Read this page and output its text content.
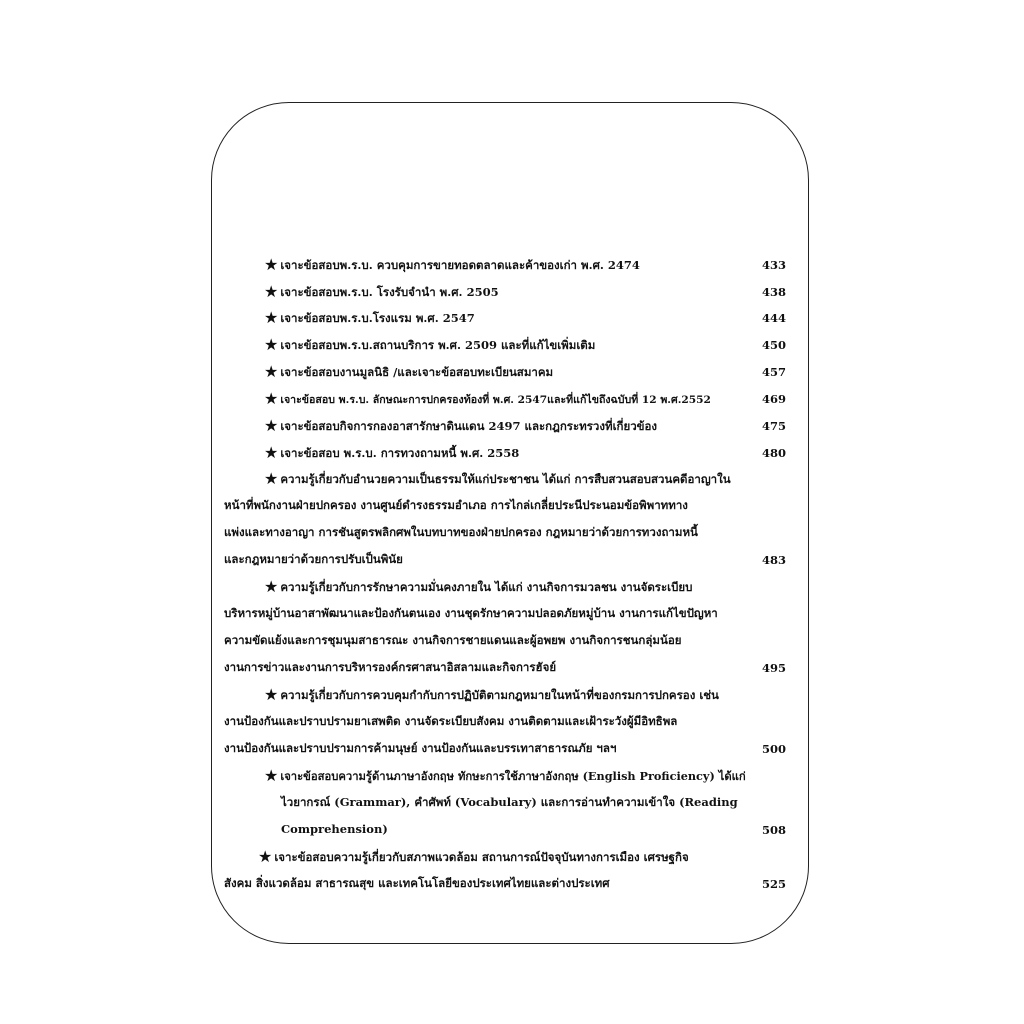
★ เจาะข้อสอบพ.ร.บ. ควบคุมการขายทอดตลาดและค้าของเก่า พ.ศ. 2474	433
★ เจาะข้อสอบพ.ร.บ. โรงรับจำนำ พ.ศ. 2505	438
★ เจาะข้อสอบพ.ร.บ.โรงแรม พ.ศ. 2547	444
★ เจาะข้อสอบพ.ร.บ.สถานบริการ พ.ศ. 2509 และที่แก้ไขเพิ่มเติม	450
★ เจาะข้อสอบงานมูลนิธิ /และเจาะข้อสอบทะเบียนสมาคม	457
★ เจาะข้อสอบ พ.ร.บ. ลักษณะการปกครองท้องที่ พ.ศ. 2547และที่แก้ไขถึงฉบับที่ 12 พ.ศ.2552	469
★ เจาะข้อสอบกิจการกองอาสารักษาดินแดน 2497 และกฎกระทรวงที่เกี่ยวข้อง	475
★ เจาะข้อสอบ พ.ร.บ. การทวงถามหนี้ พ.ศ. 2558	480
★ ความรู้เกี่ยวกับอำนวยความเป็นธรรมให้แก่ประชาชน ได้แก่ การสืบสวนสอบสวนคดีอาญาใน
หน้าที่พนักงานฝ่ายปกครอง งานศูนย์ดำรงธรรมอำเภอ การไกล่เกลี่ยประนีประนอมข้อพิพาททาง
แพ่งและทางอาญา การชันสูตรพลิกศพในบทบาทของฝ่ายปกครอง กฎหมายว่าด้วยการทวงถามหนี้
และกฎหมายว่าด้วยการปรับเป็นพินัย	483
★ ความรู้เกี่ยวกับการรักษาความมั่นคงภายใน ได้แก่ งานกิจการมวลชน งานจัดระเบียบ
บริหารหมู่บ้านอาสาพัฒนาและป้องกันตนเอง งานชุดรักษาความปลอดภัยหมู่บ้าน งานการแก้ไขปัญหา
ความขัดแย้งและการชุมนุมสาธารณะ งานกิจการชายแดนและผู้อพยพ งานกิจการชนกลุ่มน้อย
งานการข่าวและงานการบริหารองค์กรศาสนาอิสลามและกิจการฮัจย์	495
★ ความรู้เกี่ยวกับการควบคุมกำกับการปฏิบัติตามกฎหมายในหน้าที่ของกรมการปกครอง เช่น
งานป้องกันและปราบปรามยาเสพติด งานจัดระเบียบสังคม งานติดตามและเฝ้าระวังผู้มีอิทธิพล
งานป้องกันและปราบปรามการค้ามนุษย์ งานป้องกันและบรรเทาสาธารณภัย ฯลฯ	500
★ เจาะข้อสอบความรู้ด้านภาษาอังกฤษ ทักษะการใช้ภาษาอังกฤษ (English Proficiency) ได้แก่
ไวยากรณ์ (Grammar), คำศัพท์ (Vocabulary) และการอ่านทำความเข้าใจ (Reading
Comprehension)	508
★ เจาะข้อสอบความรู้เกี่ยวกับสภาพแวดล้อม สถานการณ์ปัจจุบันทางการเมือง เศรษฐกิจ
สังคม สิ่งแวดล้อม สาธารณสุข และเทคโนโลยีของประเทศไทยและต่างประเทศ	525
